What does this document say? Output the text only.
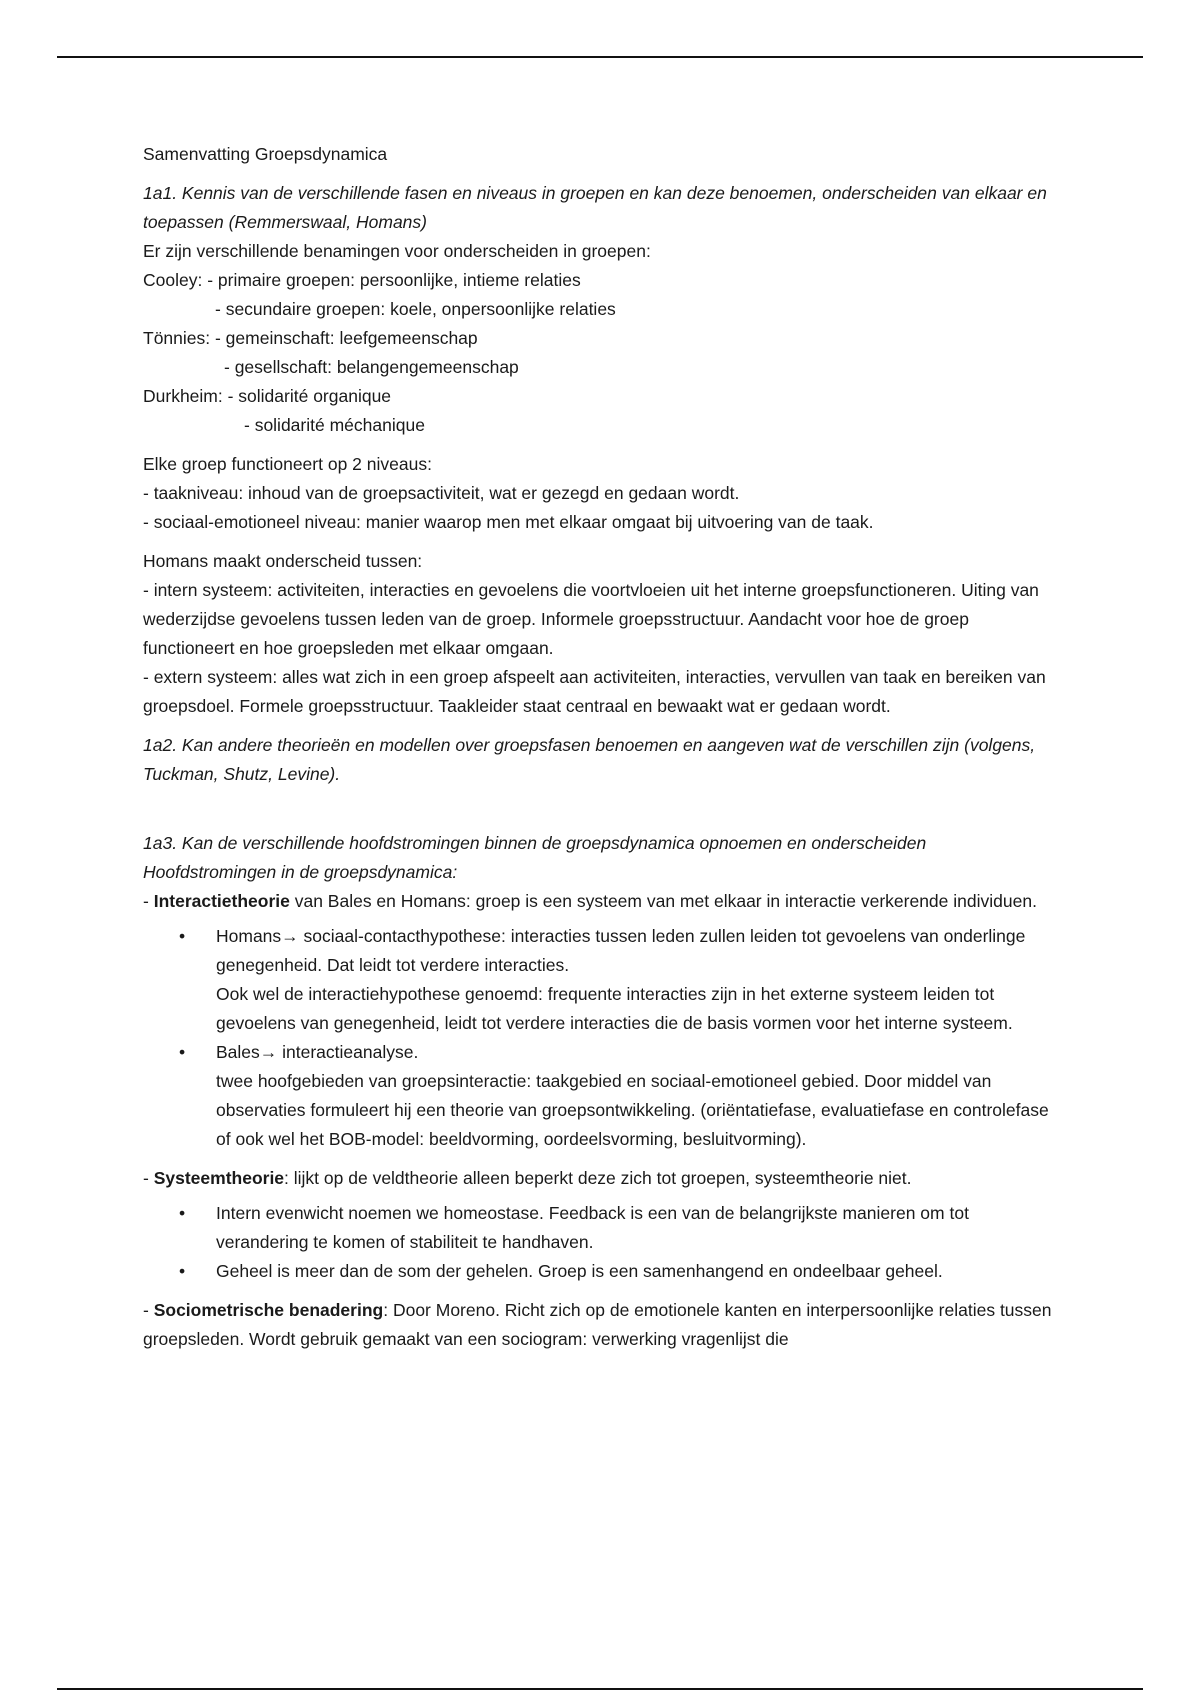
Samenvatting Groepsdynamica
1a1. Kennis van de verschillende fasen en niveaus in groepen en kan deze benoemen, onderscheiden van elkaar en toepassen (Remmerswaal, Homans)
Er zijn verschillende benamingen voor onderscheiden in groepen:
Cooley: - primaire groepen: persoonlijke, intieme relaties
- secundaire groepen: koele, onpersoonlijke relaties
Tönnies: - gemeinschaft: leefgemeenschap
- gesellschaft: belangengemeenschap
Durkheim: - solidarité organique
- solidarité méchanique
Elke groep functioneert op 2 niveaus:
- taakniveau: inhoud van de groepsactiviteit, wat er gezegd en gedaan wordt.
- sociaal-emotioneel niveau: manier waarop men met elkaar omgaat bij uitvoering van de taak.
Homans maakt onderscheid tussen:
- intern systeem: activiteiten, interacties en gevoelens die voortvloeien uit het interne groepsfunctioneren. Uiting van wederzijdse gevoelens tussen leden van de groep. Informele groepsstructuur. Aandacht voor hoe de groep functioneert en hoe groepsleden met elkaar omgaan.
- extern systeem: alles wat zich in een groep afspeelt aan activiteiten, interacties, vervullen van taak en bereiken van groepsdoel. Formele groepsstructuur. Taakleider staat centraal en bewaakt wat er gedaan wordt.
1a2. Kan andere theorieën en modellen over groepsfasen benoemen en aangeven wat de verschillen zijn (volgens, Tuckman, Shutz, Levine).
1a3. Kan de verschillende hoofdstromingen binnen de groepsdynamica opnoemen en onderscheiden
Hoofdstromingen in de groepsdynamica:
- Interactietheorie van Bales en Homans: groep is een systeem van met elkaar in interactie verkerende individuen.
• Homans→ sociaal-contacthypothese: interacties tussen leden zullen leiden tot gevoelens van onderlinge genegenheid. Dat leidt tot verdere interacties.
Ook wel de interactiehypothese genoemd: frequente interacties zijn in het externe systeem leiden tot gevoelens van genegenheid, leidt tot verdere interacties die de basis vormen voor het interne systeem.
• Bales→ interactieanalyse.
twee hoofgebieden van groepsinteractie: taakgebied en sociaal-emotioneel gebied. Door middel van observaties formuleert hij een theorie van groepsontwikkeling. (oriëntatiefase, evaluatiefase en controlefase of ook wel het BOB-model: beeldvorming, oordeelsvorming, besluitvorming).
- Systeemtheorie: lijkt op de veldtheorie alleen beperkt deze zich tot groepen, systeemtheorie niet.
• Intern evenwicht noemen we homeostase. Feedback is een van de belangrijkste manieren om tot verandering te komen of stabiliteit te handhaven.
• Geheel is meer dan de som der gehelen. Groep is een samenhangend en ondeelbaar geheel.
- Sociometrische benadering: Door Moreno. Richt zich op de emotionele kanten en interpersoonlijke relaties tussen groepsleden. Wordt gebruik gemaakt van een sociogram: verwerking vragenlijst die
